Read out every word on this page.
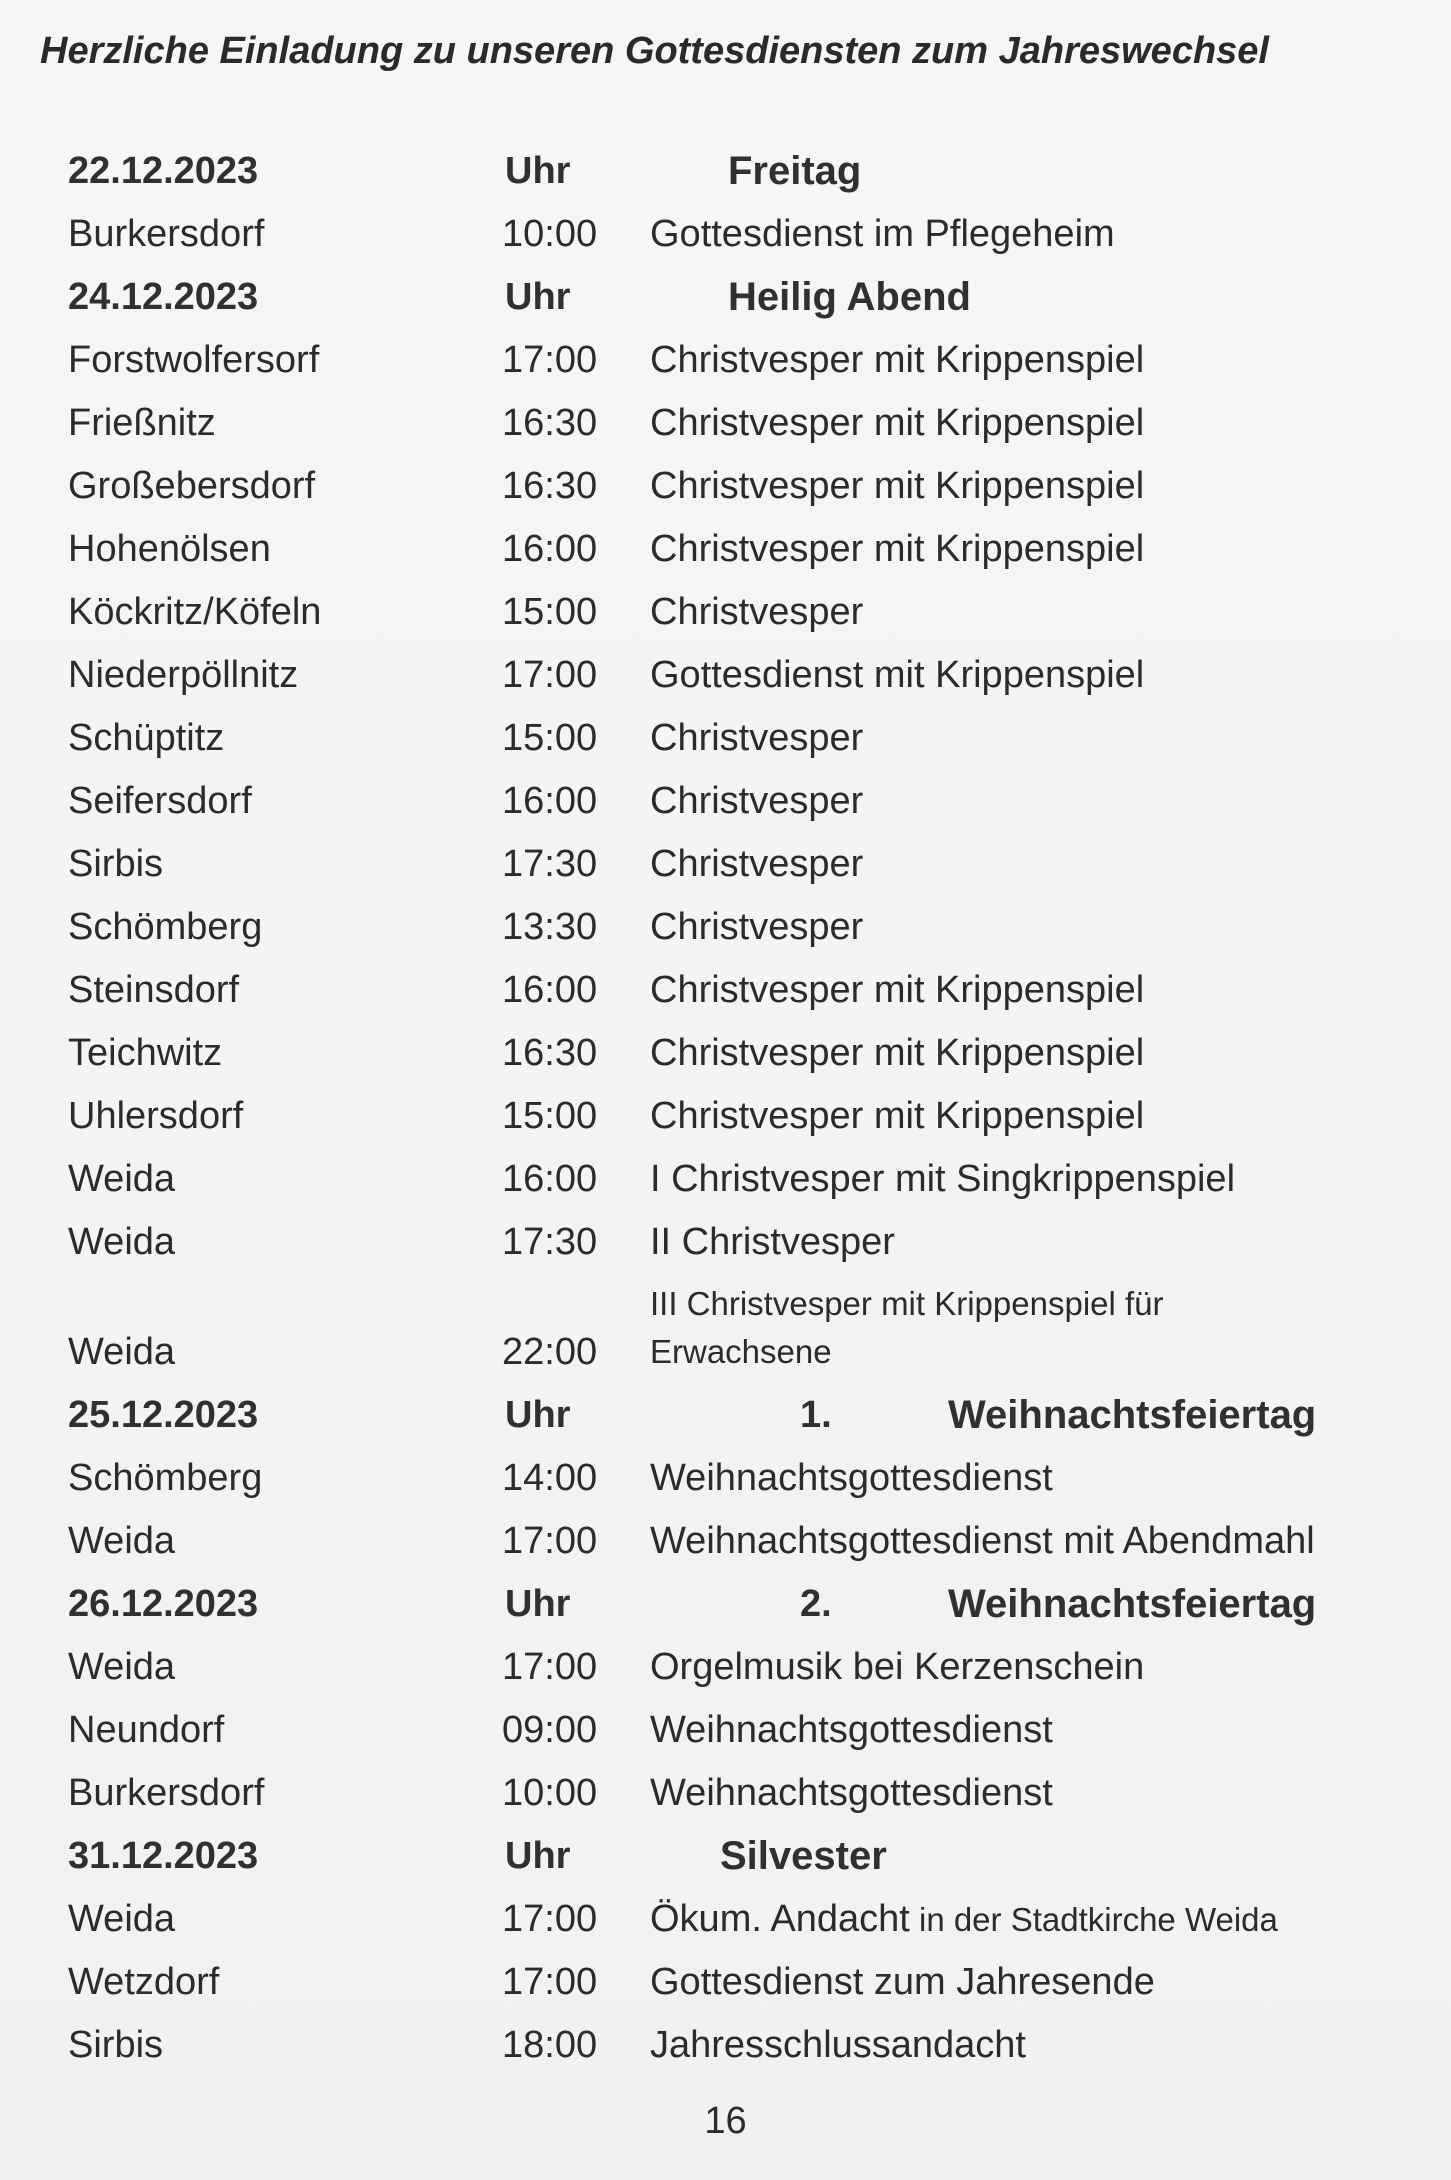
Herzliche Einladung zu unseren Gottesdiensten zum Jahreswechsel
22.12.2023	Uhr	Freitag
Burkersdorf	10:00 Gottesdienst im Pflegeheim
24.12.2023	Uhr	Heilig Abend
Forstwolfersorf	17:00 Christvesper mit Krippenspiel
Frießnitz	16:30 Christvesper mit Krippenspiel
Großebersdorf	16:30 Christvesper mit Krippenspiel
Hohenölsen	16:00 Christvesper mit Krippenspiel
Köckritz/Köfeln	15:00 Christvesper
Niederpöllnitz	17:00 Gottesdienst mit Krippenspiel
Schüptitz	15:00 Christvesper
Seifersdorf	16:00 Christvesper
Sirbis	17:30 Christvesper
Schömberg	13:30 Christvesper
Steinsdorf	16:00 Christvesper mit Krippenspiel
Teichwitz	16:30 Christvesper mit Krippenspiel
Uhlersdorf	15:00 Christvesper mit Krippenspiel
Weida	16:00 I Christvesper mit Singkrippenspiel
Weida	17:30 II Christvesper
Weida	22:00
III Christvesper mit Krippenspiel für Erwachsene
25.12.2023	Uhr	1.	Weihnachtsfeiertag
Schömberg	14:00 Weihnachtsgottesdienst
Weida	17:00 Weihnachtsgottesdienst mit Abendmahl
26.12.2023	Uhr	2.	Weihnachtsfeiertag
Weida	17:00 Orgelmusik bei Kerzenschein
Neundorf	09:00 Weihnachtsgottesdienst
Burkersdorf	10:00 Weihnachtsgottesdienst
31.12.2023	Uhr	Silvester
Weida	17:00 Ökum. Andacht in der Stadtkirche Weida
Wetzdorf	17:00 Gottesdienst zum Jahresende
Sirbis	18:00 Jahresschlussandacht
16
